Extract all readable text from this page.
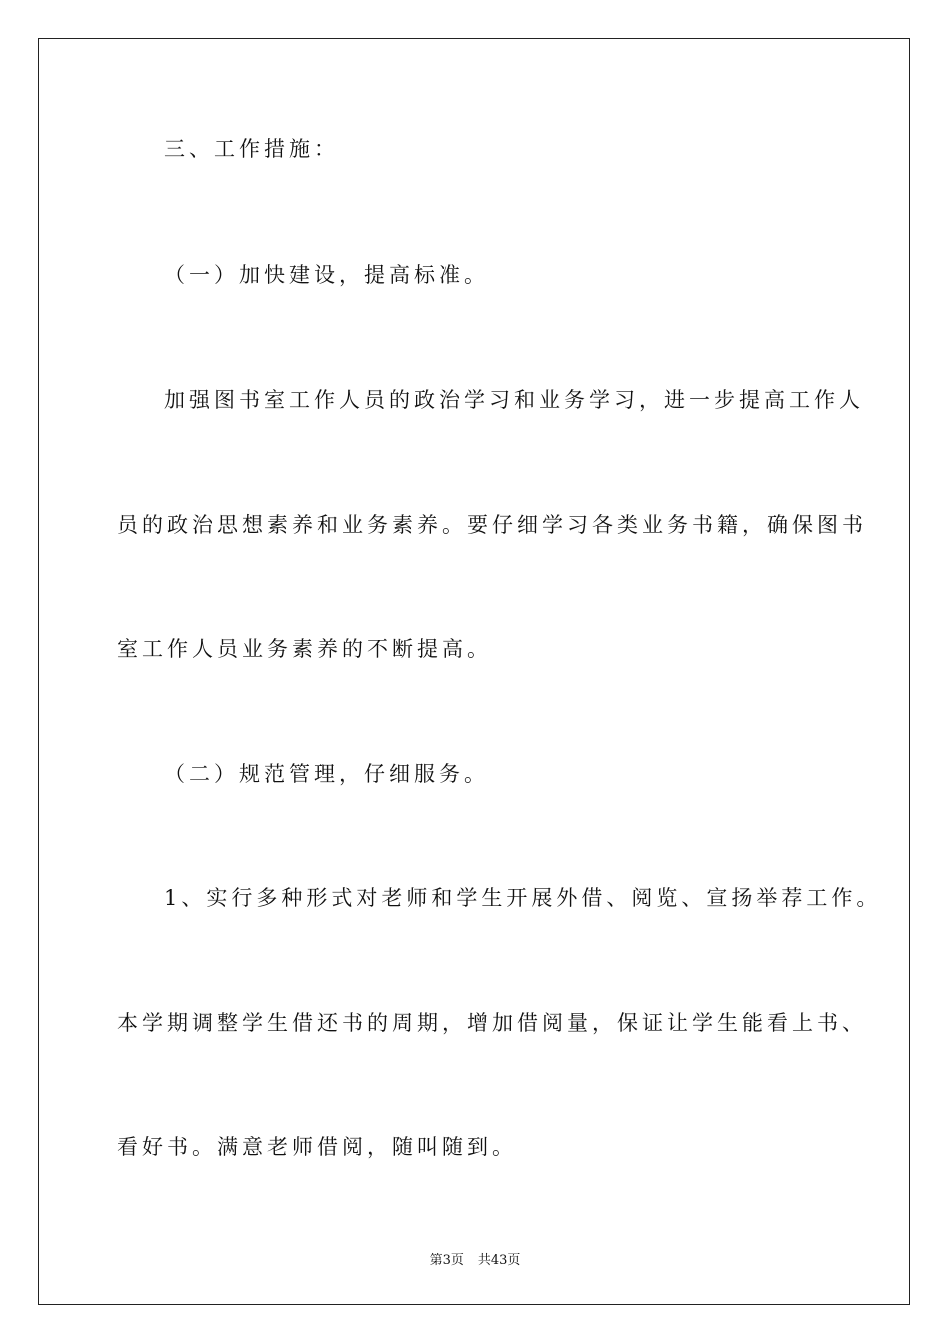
三、工作措施：
（一）加快建设，提高标准。
加强图书室工作人员的政治学习和业务学习，进一步提高工作人
员的政治思想素养和业务素养。要仔细学习各类业务书籍，确保图书
室工作人员业务素养的不断提高。
（二）规范管理，仔细服务。
1、实行多种形式对老师和学生开展外借、阅览、宣扬举荐工作。
本学期调整学生借还书的周期，增加借阅量，保证让学生能看上书、
看好书。满意老师借阅，随叫随到。
第3页 共43页
